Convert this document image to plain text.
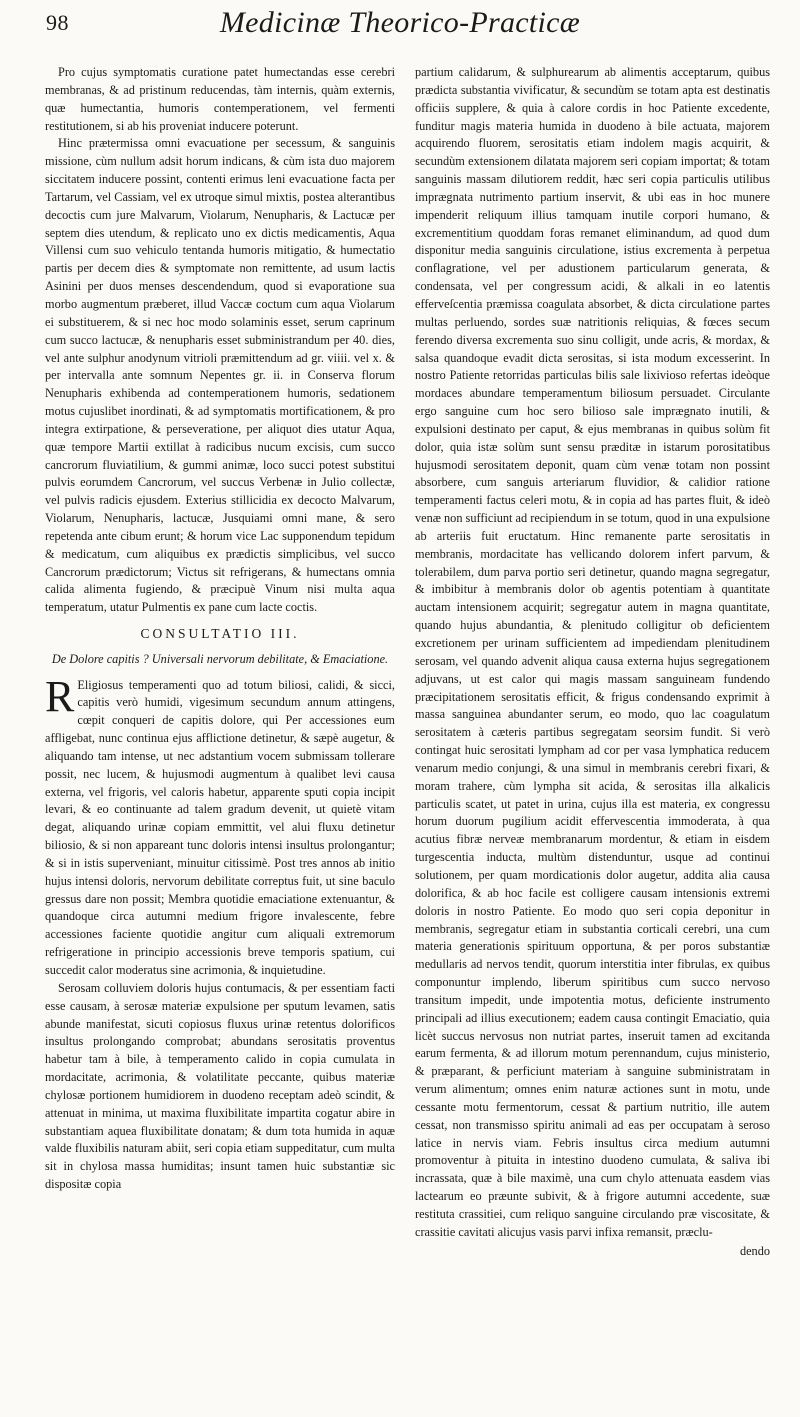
98	Medicinæ Theorico-Practicæ

Pro cujus symptomatis curatione patet humectandas esse cerebri membranas, & ad pristinum reducendas, tàm internis, quàm externis, quæ humectantia, humoris contemperationem, vel fermenti restitutionem, si ab his proveniat inducere poterunt.

Hinc prætermissa omni evacuatione per secessum, & sanguinis missione, cùm nullum adsit horum indicans, & cùm ista duo majorem siccitatem inducere possint, contenti erimus leni evacuatione facta per Tartarum, vel Cassiam, vel ex utroque simul mixtis, postea alterantibus decoctis cum jure Malvarum, Violarum, Nenupharis, & Lactucæ per septem dies utendum, & replicato uno ex dictis medicamentis, Aqua Villensi cum suo vehiculo tentanda humoris mitigatio, & humectatio partis per decem dies & symptomate non remittente, ad usum lactis Asinini per duos menses descendendum, quod si evaporatione sua morbo augmentum præberet, illud Vaccæ coctum cum aqua Violarum ei substituerem, & si nec hoc modo solaminis esset, serum caprinum cum succo lactucæ, & nenupharis esset subministrandum per 40. dies, vel ante sulphur anodynum vitrioli præmittendum ad gr. viiii. vel x. & per intervalla ante somnum Nepentes gr. ii. in Conserva florum Nenupharis exhibenda ad contemperationem humoris, sedationem motus cujuslibet inordinati, & ad symptomatis mortificationem, & pro integra extirpatione, & perseveratione, per aliquot dies utatur Aqua, quæ tempore Martii extillat à radicibus nucum excisis, cum succo cancrorum fluviatilium, & gummi animæ, loco succi potest substitui pulvis eorumdem Cancrorum, vel succus Verbenæ in Julio collectæ, vel pulvis radicis ejusdem. Exterius stillicidia ex decocto Malvarum, Violarum, Nenupharis, lactucæ, Jusquiami omni mane, & sero repetenda ante cibum erunt; & horum vice Lac supponendum tepidum & medicatum, cum aliquibus ex prædictis simplicibus, vel succo Cancrorum prædictorum; Victus sit refrigerans, & humectans omnia calida alimenta fugiendo, & præcipuè Vinum nisi multa aqua temperatum, utatur Pulmentis ex pane cum lacte coctis.

CONSULTATIO III.
De Dolore capitis ? Universali nervorum debilitate, & Emaciatione.

R Eligiosus temperamenti quo ad totum biliosi, calidi, & sicci, capitis verò humidi, vigesimum secundum annum attingens, cœpit conqueri de capitis dolore, qui Per accessiones eum affligebat, nunc continua ejus afflictione detinetur, & sæpè augetur, & aliquando tam intense, ut nec adstantium vocem submissam tollerare possit, nec lucem, & hujusmodi augmentum à qualibet levi causa externa, vel frigoris, vel caloris habetur, apparente sputi copia incipit levari, & eo continuante ad talem gradum devenit, ut quietè vitam degat, aliquando urinæ copiam emmittit, vel alui fluxu detinetur biliosio, & si non appareant tunc doloris intensi insultus prolongantur; & si in istis superveniant, minuitur citissimè. Post tres annos ab initio hujus intensi doloris, nervorum debilitate correptus fuit, ut sine baculo gressus dare non possit; Membra quotidie emaciatione extenuantur, & quandoque circa autumni medium frigore invalescente, febre accessiones faciente quotidie angitur cum aliquali extremorum refrigeratione in principio accessionis breve temporis spatium, cui succedit calor moderatus sine acrimonia, & inquietudine.

Serosam colluviem doloris hujus contumacis, & per essentiam facti esse causam, à serosæ materiæ expulsione per sputum levamen, satis abunde manifestat, sicuti copiosus fluxus urinæ retentus dolorificos insultus prolongando comprobat; abundans serositatis proventus habetur tam à bile, à temperamento calido in copia cumulata in mordacitate, acrimonia, & volatilitate peccante, quibus materiæ chylosæ portionem humidiorem in duodeno receptam adeò scindit, & attenuat in minima, ut maxima fluxibilitate impartita cogatur abire in substantiam aquea fluxibilitate donatam; & dum tota humida in aquæ valde fluxibilis naturam abiit, seri copia etiam suppeditatur, cum multa sit in chylosa massa humiditas; insunt tamen huic substantiæ sic dispositæ copia

partium calidarum, & sulphurearum ab alimentis acceptarum, quibus prædicta substantia vivificatur, & secundùm se totam apta est destinatis officiis supplere, & quia à calore cordis in hoc Patiente excedente, funditur magis materia humida in duodeno à bile actuata, majorem acquirendo fluorem, serositatis etiam indolem magis acquirit, & secundùm extensionem dilatata majorem seri copiam importat; & totam sanguinis massam dilutiorem reddit, hæc seri copia particulis utilibus imprægnata nutrimento partium inservit, & ubi eas in hoc munere impenderit reliquum illius tamquam inutile corpori humano, & excrementitium quoddam foras remanet eliminandum, ad quod dum disponitur media sanguinis circulatione, istius excrementa à perpetua conflagratione, vel per adustionem particularum generata, & condensata, vel per congressum acidi, & alkali in eo latentis efferveſcentia præmissa coagulata absorbet, & dicta circulatione partes multas perluendo, sordes suæ natritionis reliquias, & fœces secum ferendo diversa excrementa suo sinu colligit, unde acris, & mordax, & salsa quandoque evadit dicta serositas, si ista modum excesserint. In nostro Patiente retorridas particulas bilis sale lixivioso refertas ideòque mordaces abundare temperamentum biliosum persuadet. Circulante ergo sanguine cum hoc sero bilioso sale imprægnato inutili, & expulsioni destinato per caput, & ejus membranas in quibus solùm fit dolor, quia istæ solùm sunt sensu præditæ in istarum porositatibus hujusmodi serositatem deponit, quam cùm venæ totam non possint absorbere, cum sanguis arteriarum fluvidior, & calidior ratione temperamenti factus celeri motu, & in copia ad has partes fluit, & ideò venæ non sufficiunt ad recipiendum in se totum, quod in una expulsione ab arteriis fuit eructatum. Hinc remanente parte serositatis in membranis, mordacitate has vellicando dolorem infert parvum, & tolerabilem, dum parva portio seri detinetur, quando magna segregatur, & imbibitur à membranis dolor ob agentis potentiam à quantitate auctam intensionem acquirit; segregatur autem in magna quantitate, quando hujus abundantia, & plenitudo colligitur ob deficientem excretionem per urinam sufficientem ad impediendam plenitudinem serosam, vel quando advenit aliqua causa externa hujus segregationem adjuvans, ut est calor qui magis massam sanguineam fundendo præcipitationem serositatis efficit, & frigus condensando exprimit à massa sanguinea abundanter serum, eo modo, quo lac coagulatum serositatem à cæteris partibus segregatam seorsim fundit. Si verò contingat huic serositati lympham ad cor per vasa lymphatica reducem venarum medio conjungi, & una simul in membranis cerebri fixari, & moram trahere, cùm lympha sit acida, & serositas illa alkalicis particulis scatet, ut patet in urina, cujus illa est materia, ex congressu horum duorum pugilium acidit effervescentia immoderata, à qua acutius fibræ nerveæ membranarum mordentur, & etiam in eisdem turgescentia inducta, multùm distenduntur, usque ad continui solutionem, per quam mordicationis dolor augetur, addita alia causa dolorifica, & ab hoc facile est colligere causam intensionis extremi doloris in nostro Patiente. Eo modo quo seri copia deponitur in membranis, segregatur etiam in substantia corticali cerebri, una cum materia generationis spirituum opportuna, & per poros substantiæ medullaris ad nervos tendit, quorum interstitia inter fibrulas, ex quibus componuntur implendo, liberum spiritibus cum succo nervoso transitum impedit, unde impotentia motus, deficiente instrumento principali ad illius executionem; eadem causa contingit Emaciatio, quia licèt succus nervosus non nutriat partes, inseruit tamen ad excitanda earum fermenta, & ad illorum motum perennandum, cujus ministerio, & præparant, & perficiunt materiam à sanguine subministratam in verum alimentum; omnes enim naturæ actiones sunt in motu, unde cessante motu fermentorum, cessat & partium nutritio, ille autem cessat, non transmisso spiritu animali ad eas per occupatam à seroso latice in nervis viam. Febris insultus circa medium autumni promoventur à pituita in intestino duodeno cumulata, & saliva ibi incrassata, quæ à bile maximè, una cum chylo attenuata easdem vias lactearum eo præunte subivit, & à frigore autumni accedente, suæ restituta crassitiei, cum reliquo sanguine circulando præ viscositate, & crassitie cavitati alicujus vasis parvi infixa remansit, præclu-

dendo
